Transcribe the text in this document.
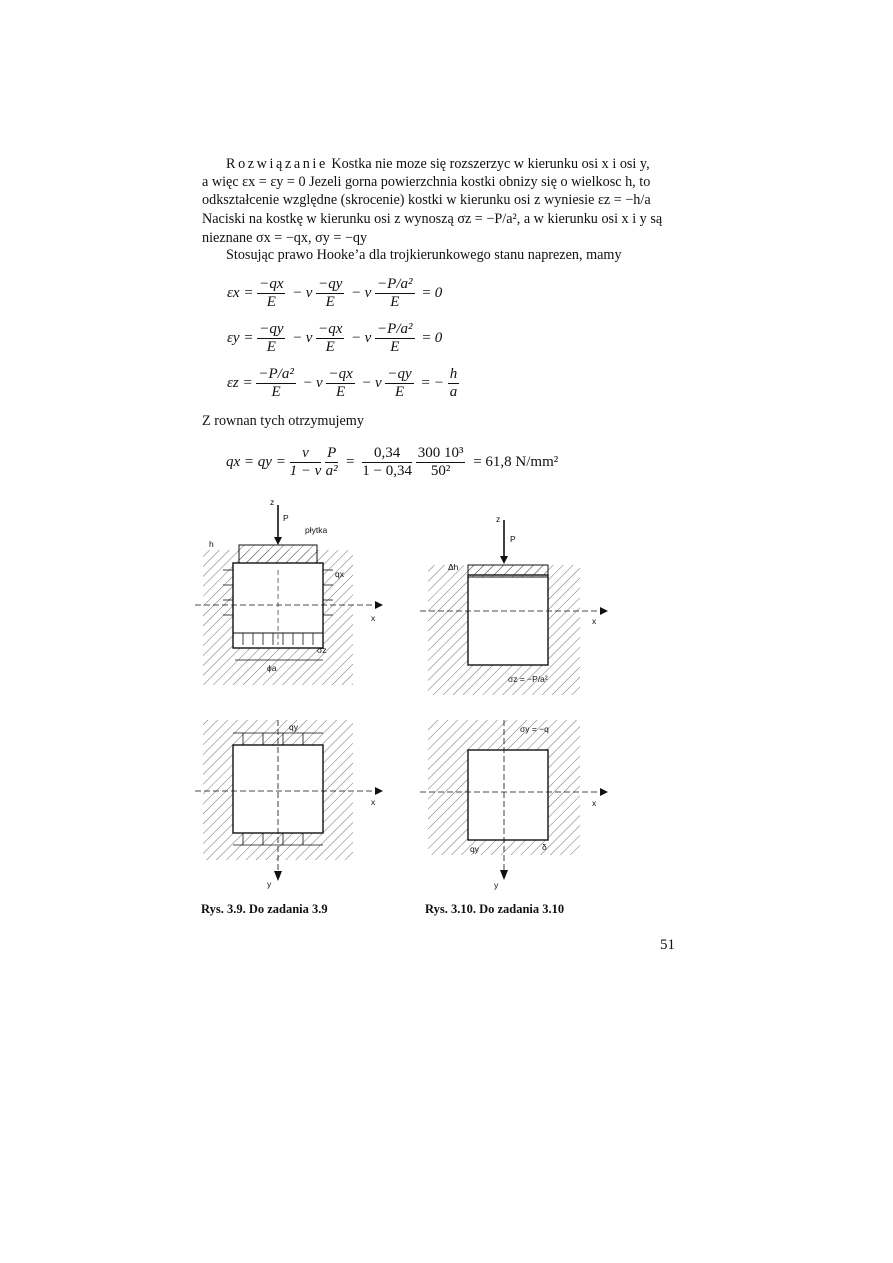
Rozwiązanie Kostka nie moze się rozszerzyc w kierunku osi x i osi y,
a więc εx = εy = 0 Jezeli gorna powierzchnia kostki obnizy się o wielkosc h, to
odkształcenie względne (skrocenie) kostki w kierunku osi z wyniesie εz = −h/a
Naciski na kostkę w kierunku osi z wynoszą σz = −P/a², a w kierunku osi x i y są
nieznane σx = −qx, σy = −qy
Stosując prawo Hooke’a dla trojkierunkowego stanu naprezen, mamy
$\varepsilon x = \frac{-qx}{E} - \nu \frac{-qy}{E} - \nu \frac{\text{−P/a²}}{E} = 0$
$\varepsilon y = \frac{-qy}{E} - \nu \frac{-qx}{E} - \nu \frac{\text{−P/a²}}{E} = 0$
$\varepsilon z = \frac{\text{−P/a²}}{E} - \nu \frac{-qx}{E} - \nu \frac{-qy}{E}$ = − $\frac{h}{a}$
Z rownan tych otrzymujemy
qx = qy = $\frac{\nu}{1 - \nu}$
$\frac{P}{\text{a²}} = \frac{0,34}{1 - 0,34}$
$\frac{\text{300 10³}}{\text{50²}} = 61,8$ N/mm²
z
P
płytka
h
qx
x
ϕa
σz
qy
x
y
z
P
Δh
x
σz = −P/a²
σy = −q
qy	δ
x
y
Rys. 3.9. Do zadania 3.9	Rys. 3.10. Do zadania 3.10
51
